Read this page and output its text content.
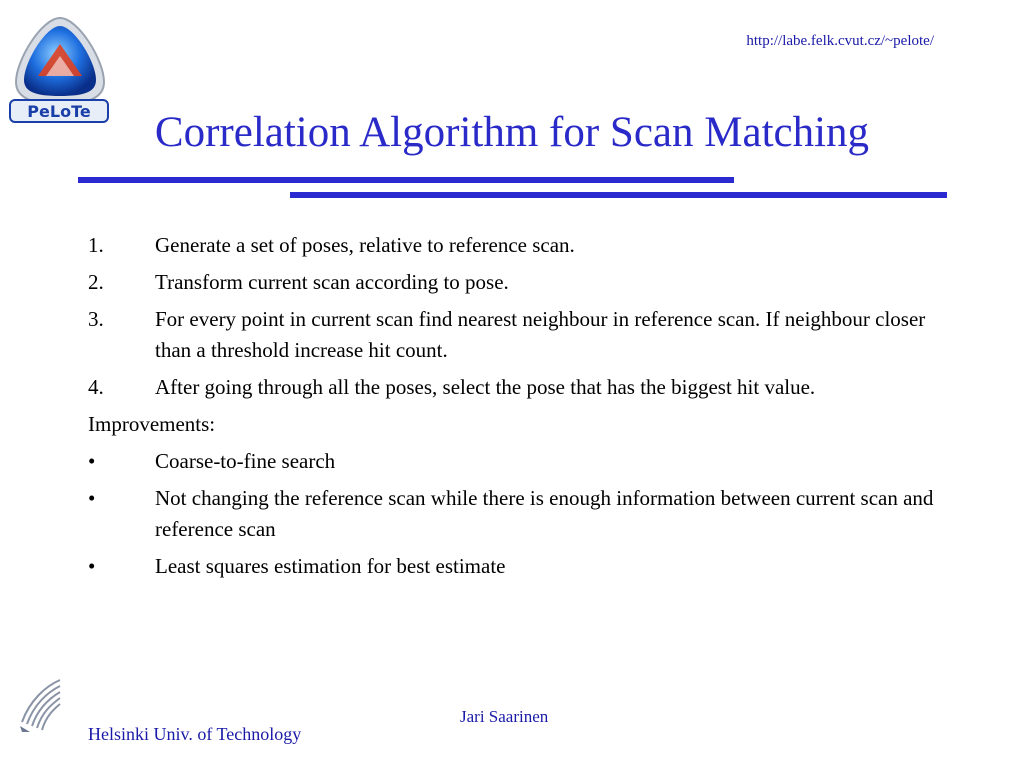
PeLoTe
http://labe.felk.cvut.cz/~pelote/
Correlation Algorithm for Scan Matching
1.	Generate a set of poses, relative to reference scan.
2.	Transform current scan according to pose.
3.	For every point in current scan find nearest neighbour in reference scan. If neighbour closer than a threshold increase hit count.
4.	After going through all the poses, select the pose that has the biggest hit value.
Improvements:
•	Coarse-to-fine search
•	Not changing the reference scan while there is enough information between current scan and reference scan
•	Least squares estimation for best estimate
Helsinki Univ. of Technology
Jari Saarinen
